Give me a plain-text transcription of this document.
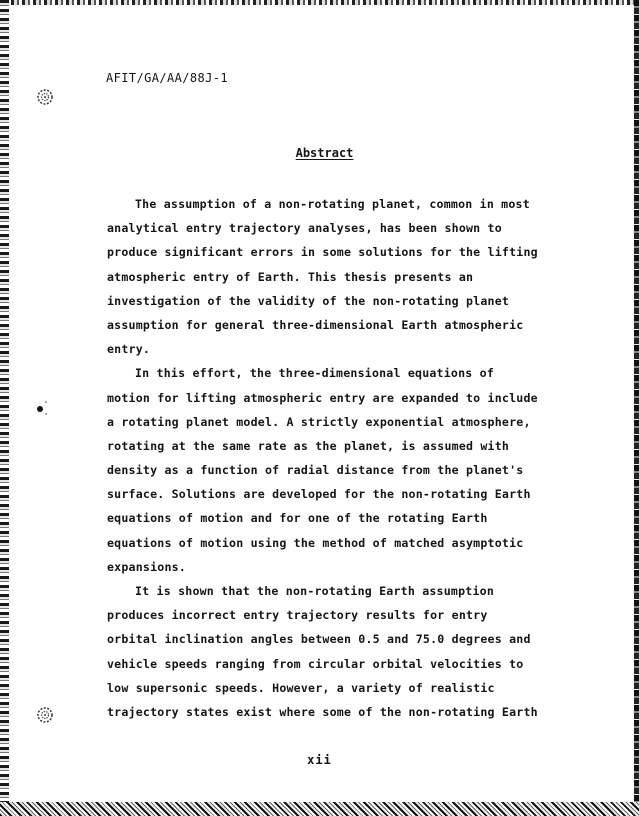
AFIT/GA/AA/88J-1
Abstract
The assumption of a non-rotating planet, common in most
analytical entry trajectory analyses, has been shown to
produce significant errors in some solutions for the lifting
atmospheric entry of Earth. This thesis presents an
investigation of the validity of the non-rotating planet
assumption for general three-dimensional Earth atmospheric
entry.
In this effort, the three-dimensional equations of
motion for lifting atmospheric entry are expanded to include
a rotating planet model. A strictly exponential atmosphere,
rotating at the same rate as the planet, is assumed with
density as a function of radial distance from the planet's
surface. Solutions are developed for the non-rotating Earth
equations of motion and for one of the rotating Earth
equations of motion using the method of matched asymptotic
expansions.
It is shown that the non-rotating Earth assumption
produces incorrect entry trajectory results for entry
orbital inclination angles between 0.5 and 75.0 degrees and
vehicle speeds ranging from circular orbital velocities to
low supersonic speeds. However, a variety of realistic
trajectory states exist where some of the non-rotating Earth
xii
